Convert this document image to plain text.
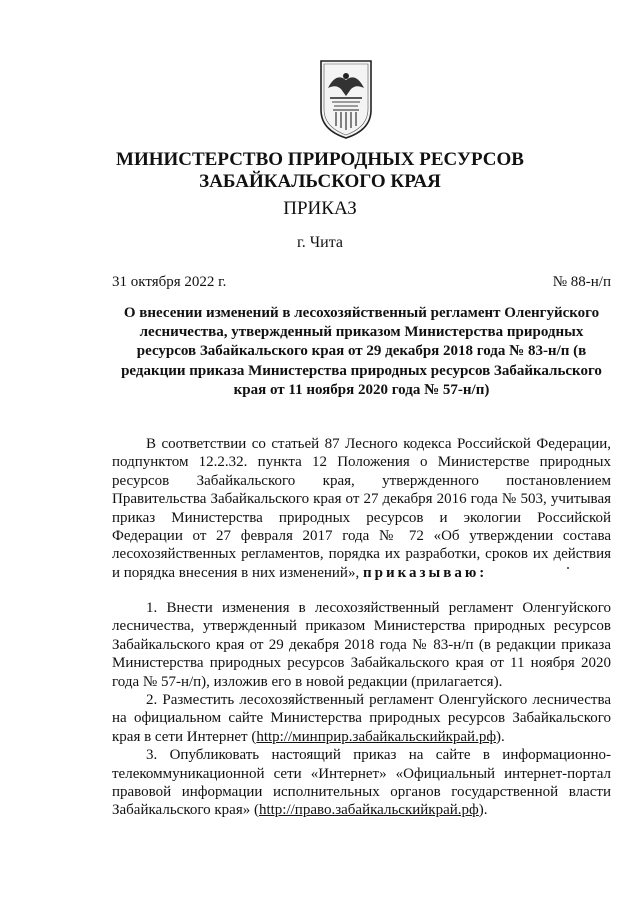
МИНИСТЕРСТВО ПРИРОДНЫХ РЕСУРСОВ
ЗАБАЙКАЛЬСКОГО КРАЯ
ПРИКАЗ
г. Чита
31 октября 2022 г.	№ 88-н/п
О внесении изменений в лесохозяйственный регламент Оленгуйского лесничества, утвержденный приказом Министерства природных ресурсов Забайкальского края от 29 декабря 2018 года № 83-н/п (в редакции приказа Министерства природных ресурсов Забайкальского края от 11 ноября 2020 года № 57-н/п)

В соответствии со статьей 87 Лесного кодекса Российской Федерации, подпунктом 12.2.32. пункта 12 Положения о Министерстве природных ресурсов Забайкальского края, утвержденного постановлением Правительства Забайкальского края от 27 декабря 2016 года № 503, учитывая приказ Министерства природных ресурсов и экологии Российской Федерации от 27 февраля 2017 года № 72 «Об утверждении состава лесохозяйственных регламентов, порядка их разработки, сроков их действия и порядка внесения в них изменений», приказываю:

1. Внести изменения в лесохозяйственный регламент Оленгуйского лесничества, утвержденный приказом Министерства природных ресурсов Забайкальского края от 29 декабря 2018 года № 83-н/п (в редакции приказа Министерства природных ресурсов Забайкальского края от 11 ноября 2020 года № 57-н/п), изложив его в новой редакции (прилагается).

2. Разместить лесохозяйственный регламент Оленгуйского лесничества на официальном сайте Министерства природных ресурсов Забайкальского края в сети Интернет (http://минприр.забайкальскийкрай.рф).

3. Опубликовать настоящий приказ на сайте в информационно-телекоммуникационной сети «Интернет» «Официальный интернет-портал правовой информации исполнительных органов государственной власти Забайкальского края» (http://право.забайкальскийкрай.рф).
